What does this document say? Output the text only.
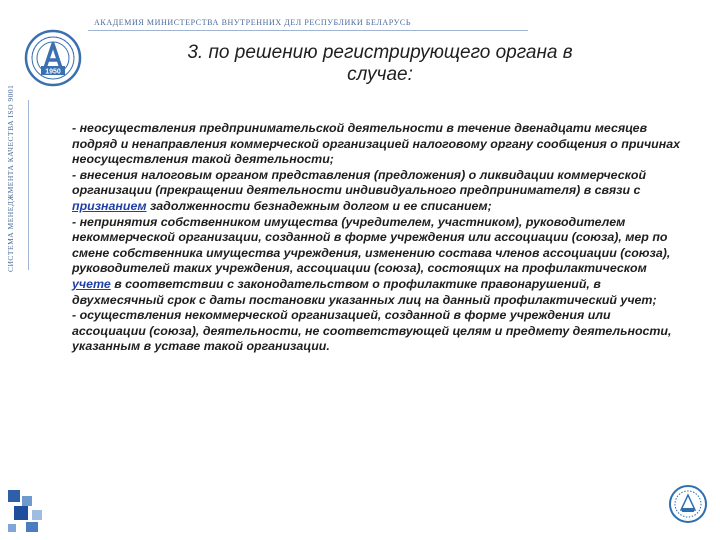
АКАДЕМИЯ МИНИСТЕРСТВА ВНУТРЕННИХ ДЕЛ РЕСПУБЛИКИ БЕЛАРУСЬ
СИСТЕМА МЕНЕДЖМЕНТА КАЧЕСТВА ISO 9001
1950
3. по решению регистрирующего органа в
случае:

- неосуществления предпринимательской деятельности в течение двенадцати месяцев подряд и ненаправления коммерческой организацией налоговому органу сообщения о причинах неосуществления такой деятельности;

- внесения налоговым органом представления (предложения) о ликвидации коммерческой организации (прекращении деятельности индивидуального предпринимателя) в связи с признанием задолженности безнадежным долгом и ее списанием;

- непринятия собственником имущества (учредителем, участником), руководителем некоммерческой организации, созданной в форме учреждения или ассоциации (союза), мер по смене собственника имущества учреждения, изменению состава членов ассоциации (союза), руководителей таких учреждения, ассоциации (союза), состоящих на профилактическом учете в соответствии с законодательством о профилактике правонарушений, в двухмесячный срок с даты постановки указанных лиц на данный профилактический учет;

- осуществления некоммерческой организацией, созданной в форме учреждения или ассоциации (союза), деятельности, не соответствующей целям и предмету деятельности, указанным в уставе такой организации.
